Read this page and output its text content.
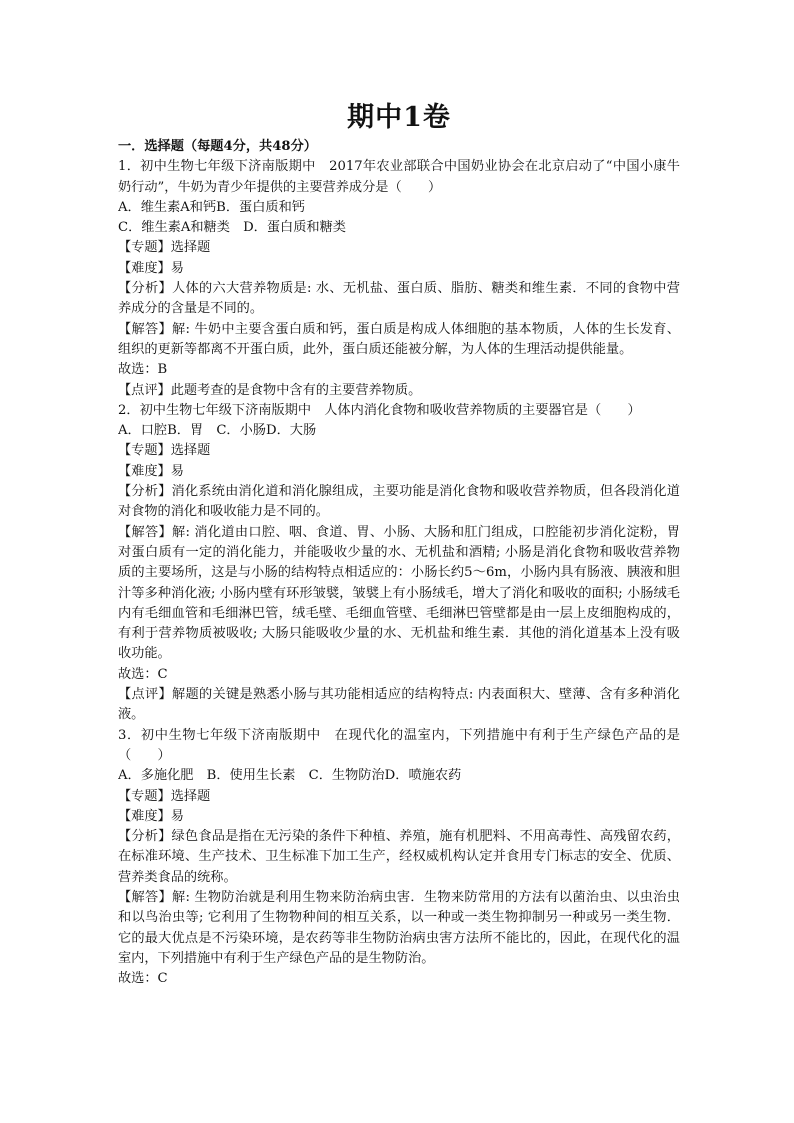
期中1卷
一．选择题（每题4分，共48分）
1．初中生物七年级下济南版期中　2017年农业部联合中国奶业协会在北京启动了“中国小康牛奶行动”，牛奶为青少年提供的主要营养成分是（　　）
A．维生素A和钙B．蛋白质和钙
C．维生素A和糖类　D．蛋白质和糖类
【专题】选择题
【难度】易
【分析】人体的六大营养物质是: 水、无机盐、蛋白质、脂肪、糖类和维生素．不同的食物中营养成分的含量是不同的。
【解答】解: 牛奶中主要含蛋白质和钙，蛋白质是构成人体细胞的基本物质，人体的生长发育、组织的更新等都离不开蛋白质，此外，蛋白质还能被分解，为人体的生理活动提供能量。
故选：B
【点评】此题考查的是食物中含有的主要营养物质。
2．初中生物七年级下济南版期中　人体内消化食物和吸收营养物质的主要器官是（　　）
A．口腔B．胃　C．小肠D．大肠
【专题】选择题
【难度】易
【分析】消化系统由消化道和消化腺组成，主要功能是消化食物和吸收营养物质，但各段消化道对食物的消化和吸收能力是不同的。
【解答】解: 消化道由口腔、咽、食道、胃、小肠、大肠和肛门组成，口腔能初步消化淀粉，胃对蛋白质有一定的消化能力，并能吸收少量的水、无机盐和酒精; 小肠是消化食物和吸收营养物质的主要场所，这是与小肠的结构特点相适应的：小肠长约5～6m，小肠内具有肠液、胰液和胆汁等多种消化液; 小肠内壁有环形皱襞，皱襞上有小肠绒毛，增大了消化和吸收的面积; 小肠绒毛内有毛细血管和毛细淋巴管，绒毛壁、毛细血管壁、毛细淋巴管壁都是由一层上皮细胞构成的，有利于营养物质被吸收; 大肠只能吸收少量的水、无机盐和维生素．其他的消化道基本上没有吸收功能。
故选：C
【点评】解题的关键是熟悉小肠与其功能相适应的结构特点: 内表面积大、壁薄、含有多种消化液。
3．初中生物七年级下济南版期中　在现代化的温室内，下列措施中有利于生产绿色产品的是（　　）
A．多施化肥　B．使用生长素　C．生物防治D．喷施农药
【专题】选择题
【难度】易
【分析】绿色食品是指在无污染的条件下种植、养殖，施有机肥料、不用高毒性、高残留农药，在标准环境、生产技术、卫生标准下加工生产，经权威机构认定并食用专门标志的安全、优质、营养类食品的统称。
【解答】解: 生物防治就是利用生物来防治病虫害．生物来防常用的方法有以菌治虫、以虫治虫和以鸟治虫等; 它利用了生物物种间的相互关系，以一种或一类生物抑制另一种或另一类生物．它的最大优点是不污染环境，是农药等非生物防治病虫害方法所不能比的，因此，在现代化的温室内，下列措施中有利于生产绿色产品的是生物防治。
故选：C
